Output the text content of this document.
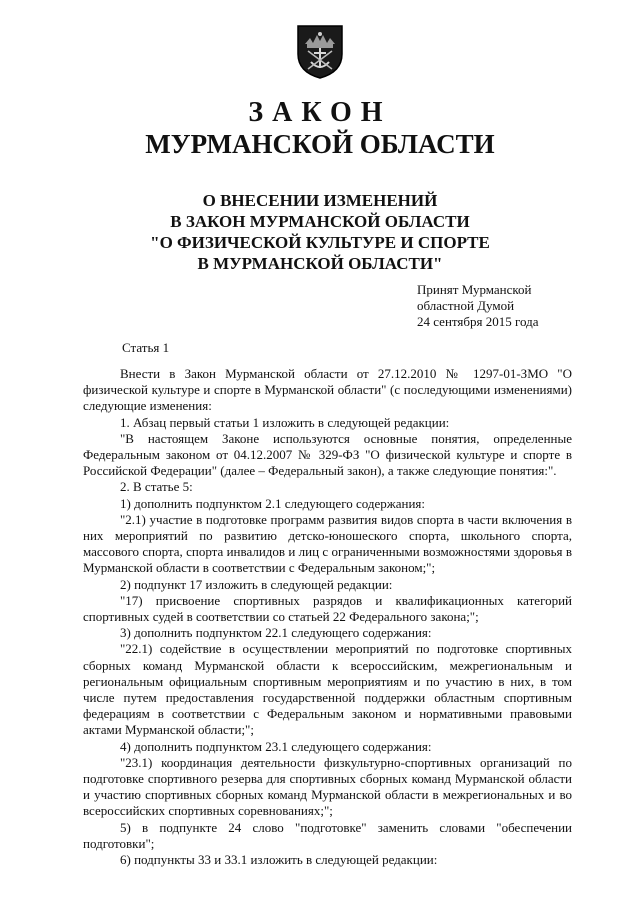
ЗАКОН
МУРМАНСКОЙ ОБЛАСТИ
О ВНЕСЕНИИ ИЗМЕНЕНИЙ
В ЗАКОН МУРМАНСКОЙ ОБЛАСТИ
"О ФИЗИЧЕСКОЙ КУЛЬТУРЕ И СПОРТЕ
В МУРМАНСКОЙ ОБЛАСТИ"
Принят Мурманской
областной Думой
24 сентября 2015 года
Статья 1

Внести в Закон Мурманской области от 27.12.2010 № 1297-01-ЗМО "О физической культуре и спорте в Мурманской области" (с последующими изменениями) следующие изменения:

1. Абзац первый статьи 1 изложить в следующей редакции:

"В настоящем Законе используются основные понятия, определенные Федеральным законом от 04.12.2007 № 329-ФЗ "О физической культуре и спорте в Российской Федерации" (далее – Федеральный закон), а также следующие понятия:".

2. В статье 5:

1) дополнить подпунктом 2.1 следующего содержания:

"2.1) участие в подготовке программ развития видов спорта в части включения в них мероприятий по развитию детско-юношеского спорта, школьного спорта, массового спорта, спорта инвалидов и лиц с ограниченными возможностями здоровья в Мурманской области в соответствии с Федеральным законом;";

2) подпункт 17 изложить в следующей редакции:

"17) присвоение спортивных разрядов и квалификационных категорий спортивных судей в соответствии со статьей 22 Федерального закона;";

3) дополнить подпунктом 22.1 следующего содержания:

"22.1) содействие в осуществлении мероприятий по подготовке спортивных сборных команд Мурманской области к всероссийским, межрегиональным и региональным официальным спортивным мероприятиям и по участию в них, в том числе путем предоставления государственной поддержки областным спортивным федерациям в соответствии с Федеральным законом и нормативными правовыми актами Мурманской области;";

4) дополнить подпунктом 23.1 следующего содержания:

"23.1) координация деятельности физкультурно-спортивных организаций по подготовке спортивного резерва для спортивных сборных команд Мурманской области и участию спортивных сборных команд Мурманской области в межрегиональных и во всероссийских спортивных соревнованиях;";

5) в подпункте 24 слово "подготовке" заменить словами "обеспечении подготовки";

6) подпункты 33 и 33.1 изложить в следующей редакции:
